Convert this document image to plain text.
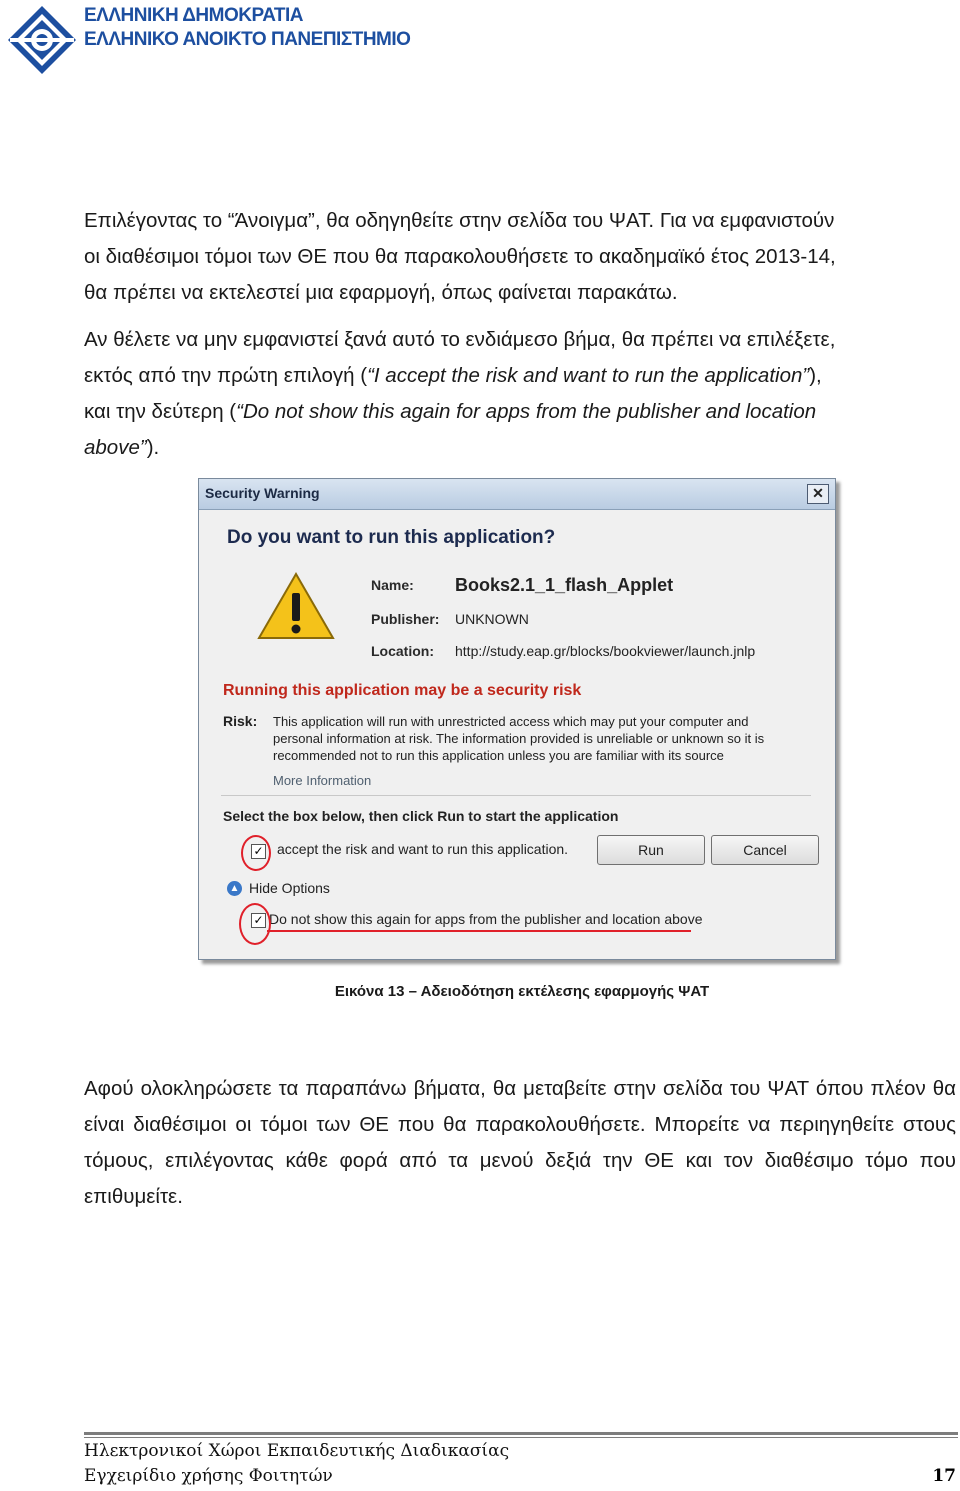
ΕΛΛΗΝΙΚΗ ΔΗΜΟΚΡΑΤΙΑ
ΕΛΛΗΝΙΚΟ ΑΝΟΙΚΤΟ ΠΑΝΕΠΙΣΤΗΜΙΟ
Επιλέγοντας το “Άνοιγμα”, θα οδηγηθείτε στην σελίδα του ΨΑΤ. Για να εμφανιστούν
οι διαθέσιμοι τόμοι των ΘΕ που θα παρακολουθήσετε το ακαδημαϊκό έτος 2013-14,
θα πρέπει να εκτελεστεί μια εφαρμογή, όπως φαίνεται παρακάτω.
Αν θέλετε να μην εμφανιστεί ξανά αυτό το ενδιάμεσο βήμα, θα πρέπει να επιλέξετε,
εκτός από την πρώτη επιλογή (“I accept the risk and want to run the application”),
και την δεύτερη (“Do not show this again for apps from the publisher and location
above”).
Security Warning	✕
Do you want to run this application?
Name: Books2.1_1_flash_Applet
Publisher: UNKNOWN
Location: http://study.eap.gr/blocks/bookviewer/launch.jnlp
Running this application may be a security risk
Risk: This application will run with unrestricted access which may put your computer and personal information at risk. The information provided is unreliable or unknown so it is recommended not to run this application unless you are familiar with its source
More Information
Select the box below, then click Run to start the application
✓ accept the risk and want to run this application.	Run	Cancel
▲ Hide Options
✓ Do not show this again for apps from the publisher and location above
Εικόνα 13 – Αδειοδότηση εκτέλεσης εφαρμογής ΨΑΤ
Αφού ολοκληρώσετε τα παραπάνω βήματα, θα μεταβείτε στην σελίδα του ΨΑΤ όπου πλέον θα είναι διαθέσιμοι οι τόμοι των ΘΕ που θα παρακολουθήσετε. Μπορείτε να περιηγηθείτε στους τόμους, επιλέγοντας κάθε φορά από τα μενού δεξιά την ΘΕ και τον διαθέσιμο τόμο που επιθυμείτε.
Ηλεκτρονικοί Χώροι Εκπαιδευτικής Διαδικασίας
Εγχειρίδιο χρήσης Φοιτητών	17
